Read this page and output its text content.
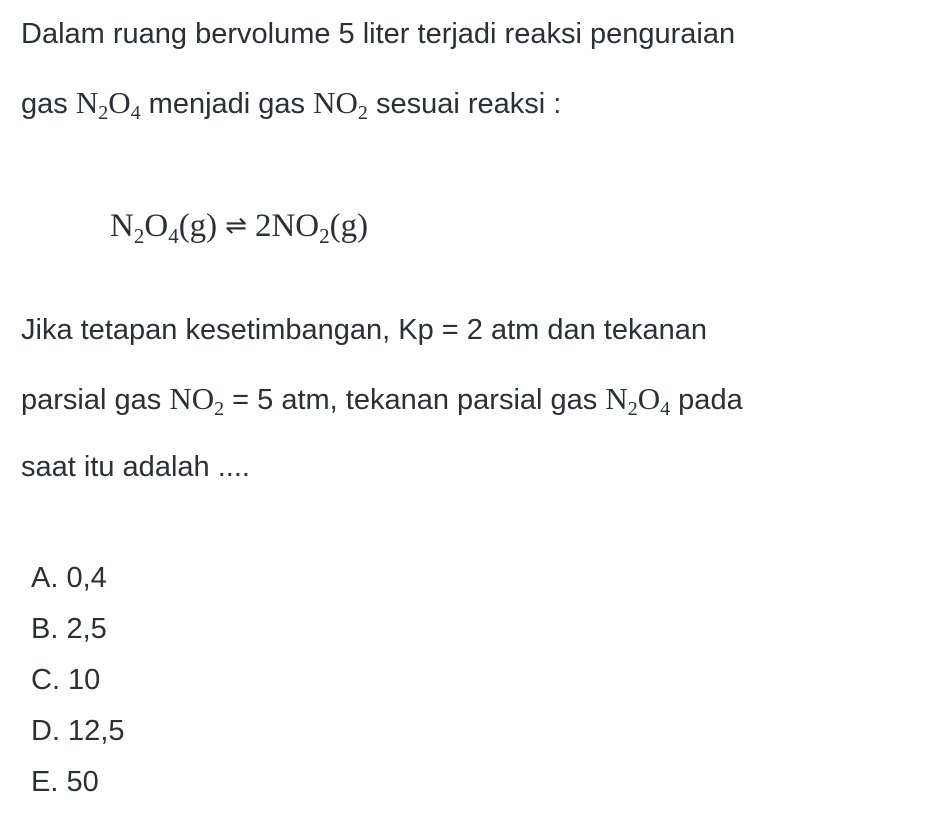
Dalam ruang bervolume 5 liter terjadi reaksi penguraian
gas $N_2O_4$ menjadi gas $NO_2$ sesuai reaksi :
$N_2O_4(g)$ ⇌ $2NO_2(g)$
Jika tetapan kesetimbangan, Kp = 2 atm dan tekanan
parsial gas $NO_2 = 5$ atm, tekanan parsial gas $N_2O_4$ pada
saat itu adalah ....
A. 0,4
B. 2,5
C. 10
D. 12,5
E. 50
